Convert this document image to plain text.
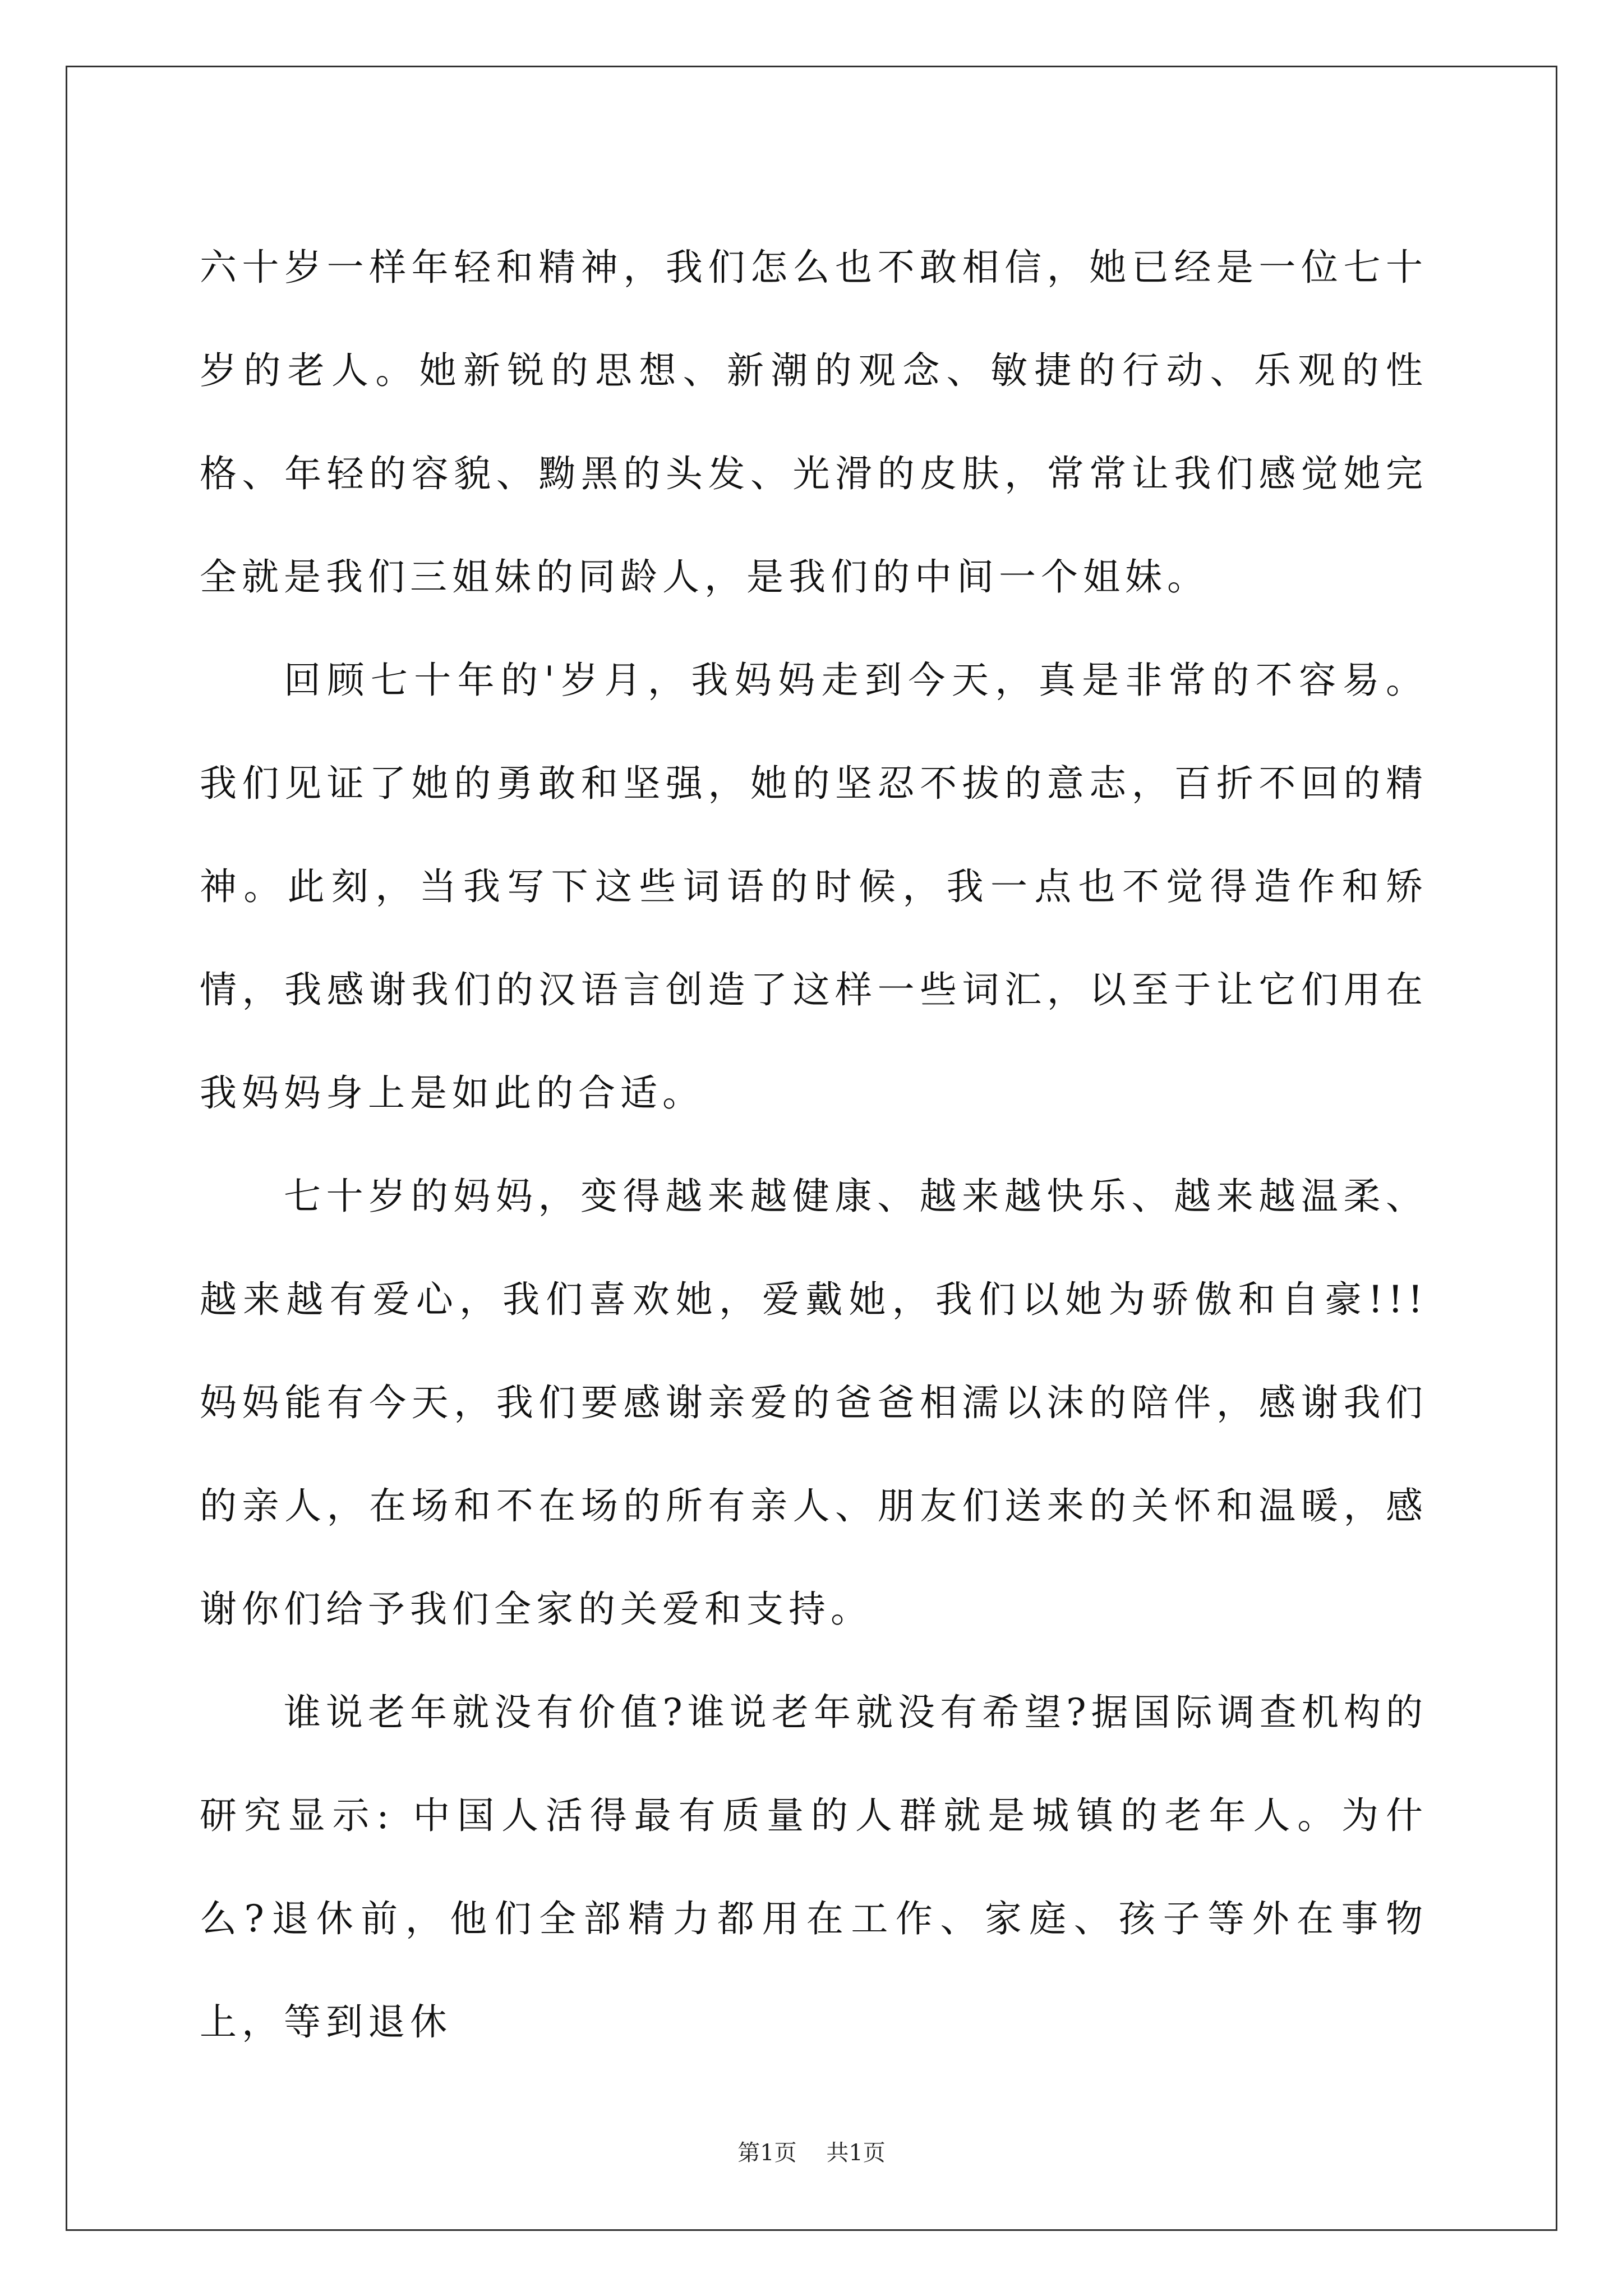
六十岁一样年轻和精神，我们怎么也不敢相信，她已经是一位七十岁的老人。她新锐的思想、新潮的观念、敏捷的行动、乐观的性格、年轻的容貌、黝黑的头发、光滑的皮肤，常常让我们感觉她完全就是我们三姐妹的同龄人，是我们的中间一个姐妹。

回顾七十年的'岁月，我妈妈走到今天，真是非常的不容易。我们见证了她的勇敢和坚强，她的坚忍不拔的意志，百折不回的精神。此刻，当我写下这些词语的时候，我一点也不觉得造作和矫情，我感谢我们的汉语言创造了这样一些词汇，以至于让它们用在我妈妈身上是如此的合适。

七十岁的妈妈，变得越来越健康、越来越快乐、越来越温柔、越来越有爱心，我们喜欢她，爱戴她，我们以她为骄傲和自豪!!! 妈妈能有今天，我们要感谢亲爱的爸爸相濡以沫的陪伴，感谢我们的亲人，在场和不在场的所有亲人、朋友们送来的关怀和温暖，感谢你们给予我们全家的关爱和支持。

谁说老年就没有价值?谁说老年就没有希望?据国际调查机构的研究显示: 中国人活得最有质量的人群就是城镇的老年人。为什么?退休前，他们全部精力都用在工作、家庭、孩子等外在事物上，等到退休

第1页 共1页
